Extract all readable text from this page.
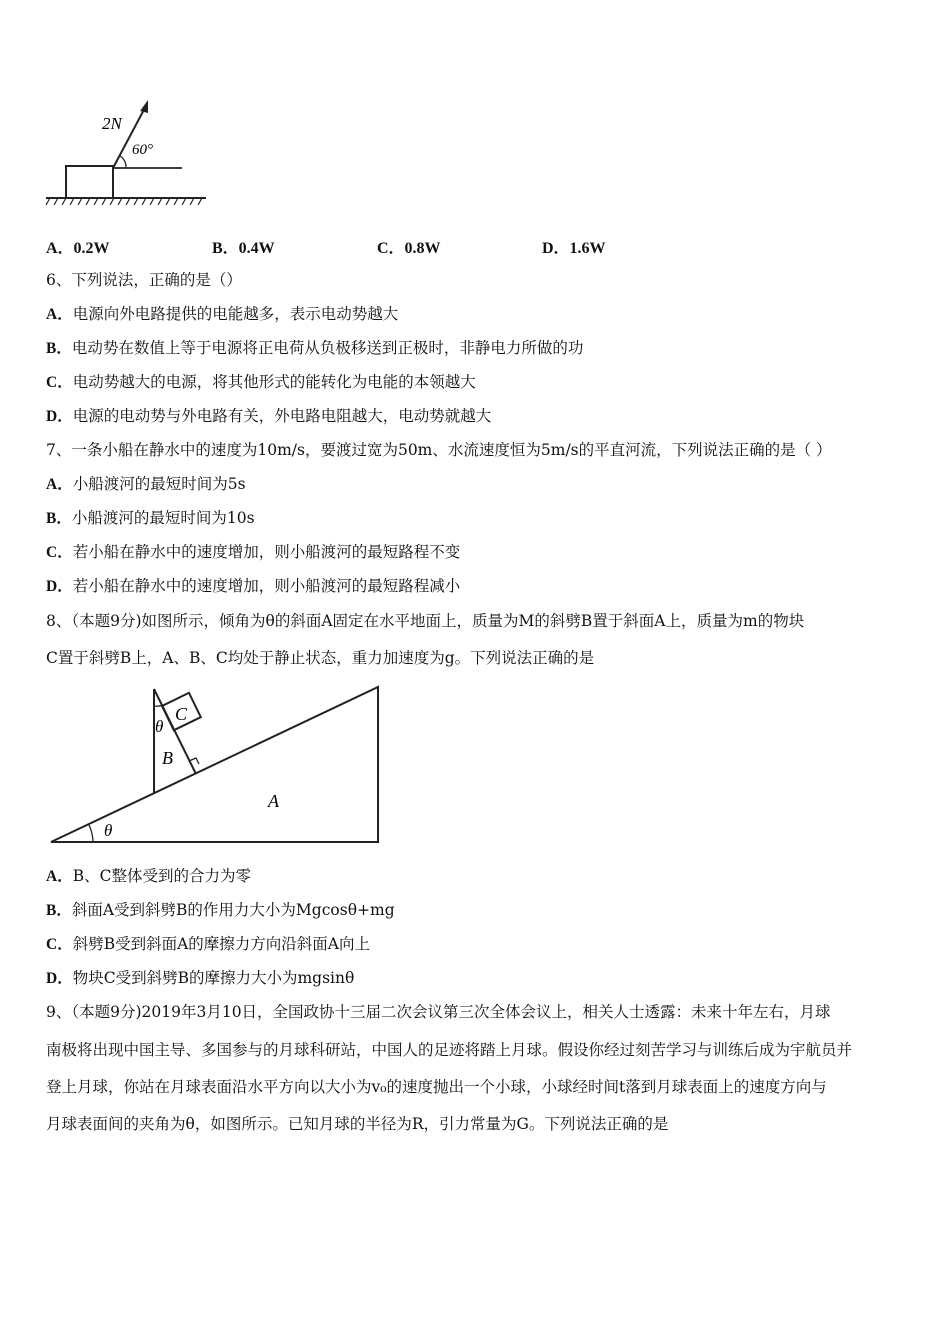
2N
60°
A．0.2W	B．0.4W	C．0.8W	D．1.6W
6、下列说法，正确的是（）
A．电源向外电路提供的电能越多，表示电动势越大
B．电动势在数值上等于电源将正电荷从负极移送到正极时，非静电力所做的功
C．电动势越大的电源，将其他形式的能转化为电能的本领越大
D．电源的电动势与外电路有关，外电路电阻越大，电动势就越大
7、一条小船在静水中的速度为10m/s，要渡过宽为50m、水流速度恒为5m/s的平直河流，下列说法正确的是（ ）
A．小船渡河的最短时间为5s
B．小船渡河的最短时间为10s
C．若小船在静水中的速度增加，则小船渡河的最短路程不变
D．若小船在静水中的速度增加，则小船渡河的最短路程减小
8、（本题9分)如图所示，倾角为θ的斜面A固定在水平地面上，质量为M的斜劈B置于斜面A上，质量为m的物块
C置于斜劈B上，A、B、C均处于静止状态，重力加速度为g。下列说法正确的是
C
B
A
θ
θ
A．B、C整体受到的合力为零
B．斜面A受到斜劈B的作用力大小为Mgcosθ+mg
C．斜劈B受到斜面A的摩擦力方向沿斜面A向上
D．物块C受到斜劈B的摩擦力大小为mgsinθ
9、（本题9分)2019年3月10日，全国政协十三届二次会议第三次全体会议上，相关人士透露：未来十年左右，月球
南极将出现中国主导、多国参与的月球科研站，中国人的足迹将踏上月球。假设你经过刻苦学习与训练后成为宇航员并
登上月球，你站在月球表面沿水平方向以大小为v₀的速度抛出一个小球，小球经时间t落到月球表面上的速度方向与
月球表面间的夹角为θ，如图所示。已知月球的半径为R，引力常量为G。下列说法正确的是
